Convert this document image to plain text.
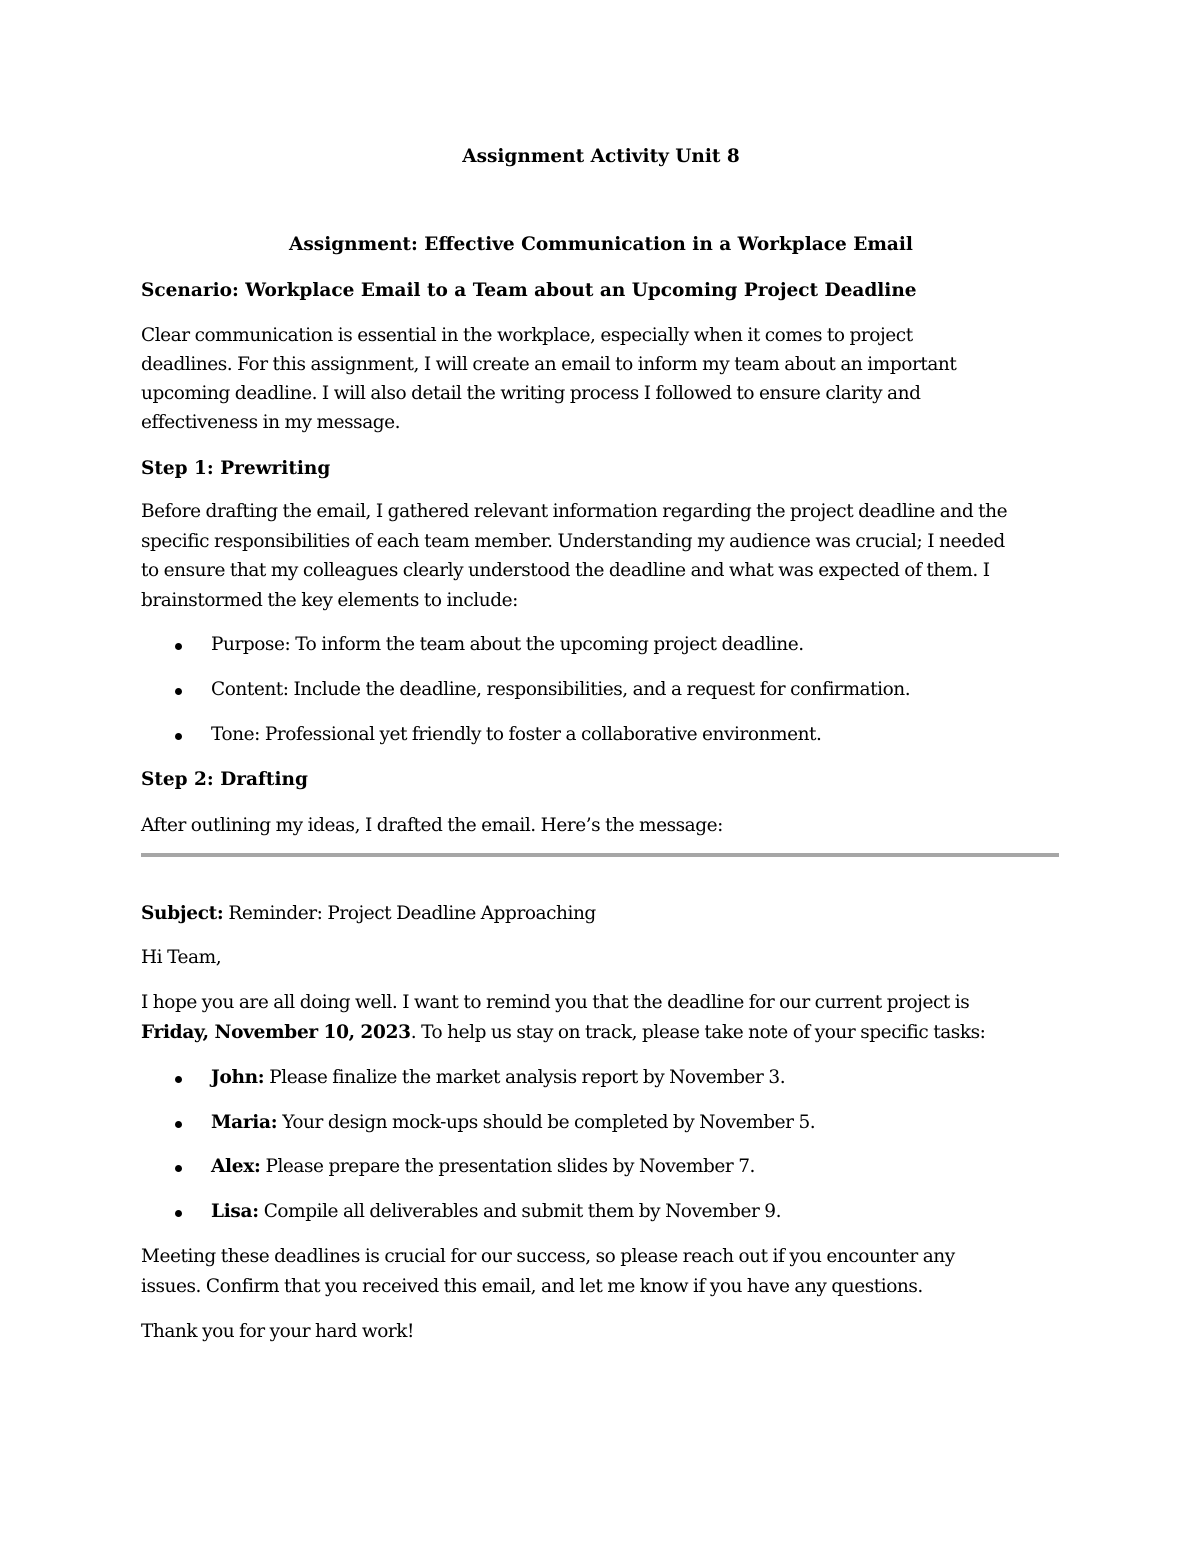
Assignment Activity Unit 8

Assignment: Effective Communication in a Workplace Email

Scenario: Workplace Email to a Team about an Upcoming Project Deadline

Clear communication is essential in the workplace, especially when it comes to project

deadlines. For this assignment, I will create an email to inform my team about an important

upcoming deadline. I will also detail the writing process I followed to ensure clarity and

effectiveness in my message.

Step 1: Prewriting

Before drafting the email, I gathered relevant information regarding the project deadline and the

specific responsibilities of each team member. Understanding my audience was crucial; I needed

to ensure that my colleagues clearly understood the deadline and what was expected of them. I

brainstormed the key elements to include:

Purpose: To inform the team about the upcoming project deadline.
Content: Include the deadline, responsibilities, and a request for confirmation.
Tone: Professional yet friendly to foster a collaborative environment.

Step 2: Drafting

After outlining my ideas, I drafted the email. Here’s the message:

Subject: Reminder: Project Deadline Approaching

Hi Team,

I hope you are all doing well. I want to remind you that the deadline for our current project is

Friday, November 10, 2023. To help us stay on track, please take note of your specific tasks:

John: Please finalize the market analysis report by November 3.
Maria: Your design mock-ups should be completed by November 5.
Alex: Please prepare the presentation slides by November 7.
Lisa: Compile all deliverables and submit them by November 9.

Meeting these deadlines is crucial for our success, so please reach out if you encounter any

issues. Confirm that you received this email, and let me know if you have any questions.

Thank you for your hard work!
